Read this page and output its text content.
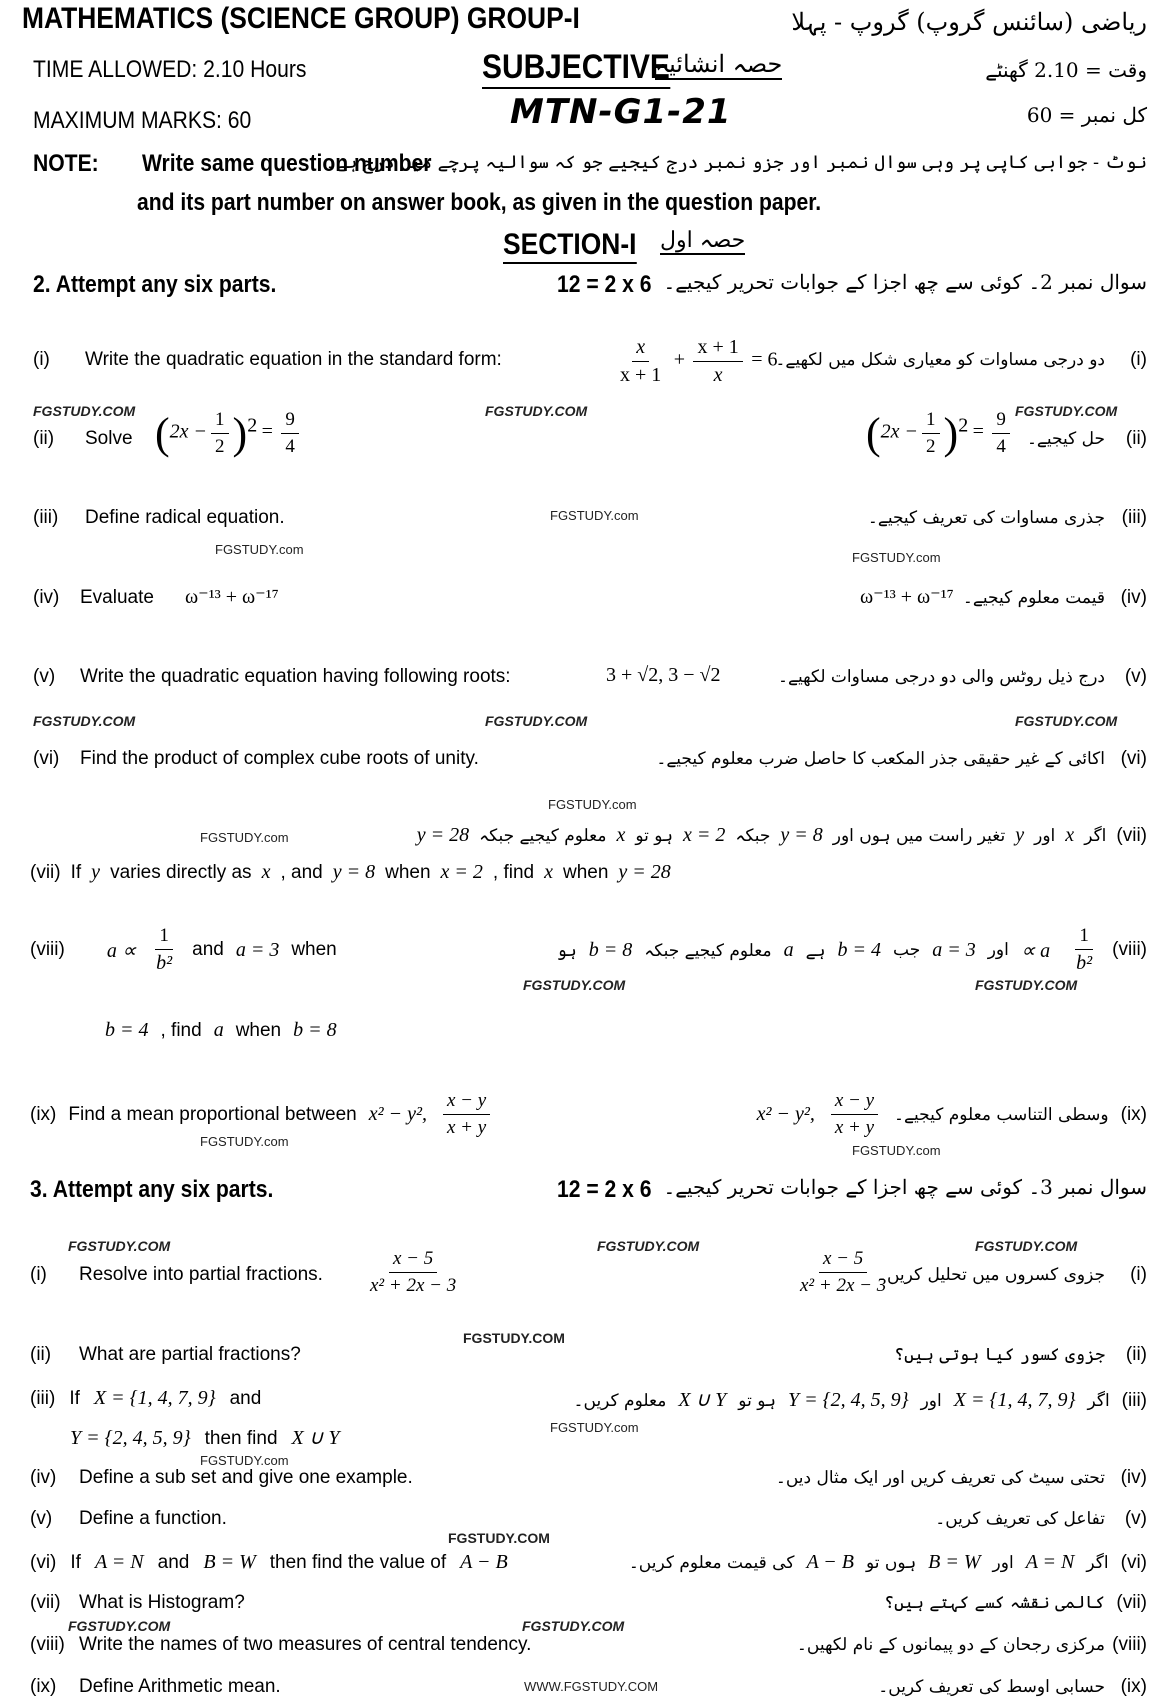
MATHEMATICS (SCIENCE GROUP) GROUP-I	ریاضی (سائنس گروپ) گروپ - پہلا
TIME ALLOWED: 2.10 Hours	وقت = 2.10 گھنٹے
SUBJECTIVE
حصہ انشائیہ
MAXIMUM MARKS: 60	کل نمبر = 60
MTN-G1-21
NOTE: Write same question number
نوٹ - جوابی کاپی پر وہی سوال نمبر اور جزو نمبر درج کیجیے جو کہ سوالیہ پرچے میں درج ہے۔
and its part number on answer book, as given in the question paper.
SECTION-I حصہ اول
2. Attempt any six parts.	12 = 2 x 6 سوال نمبر 2۔ کوئی سے چھ اجزا کے جوابات تحریر کیجیے۔
(i) Write the quadratic equation in the standard form:	$\frac{x}{x + 1} + \frac{x + 1}{x} = 6$
دو درجی مساوات کو معیاری شکل میں لکھیے۔ (i)
FGSTUDY.COM	FGSTUDY.COM	FGSTUDY.COM
(ii) Solve $(2x - \frac{1}{2} )^2 = \frac{9}{4}$	$(2x - \frac{1}{2} )^2 = \frac{9}{4}$ حل کیجیے۔ (ii)
(iii) Define radical equation.	FGSTUDY.com	جذری مساوات کی تعریف کیجیے۔ (iii)
FGSTUDY.com
FGSTUDY.com
(iv) Evaluate ω⁻¹³ + ω⁻¹⁷	ω⁻¹³ + ω⁻¹⁷ قیمت معلوم کیجیے۔ (iv)
(v) Write the quadratic equation having following roots:	3 + √2, 3 − √2	درج ذیل روٹس والی دو درجی مساوات لکھیے۔ (v)
FGSTUDY.COM	FGSTUDY.COM	FGSTUDY.COM
(vi) Find the product of complex cube roots of unity.	اکائی کے غیر حقیقی جذر المکعب کا حاصل ضرب معلوم کیجیے۔ (vi)
FGSTUDY.com
FGSTUDY.com	(vii)
اگر
x
اور
y
تغیر راست میں ہوں اور
y = 8
جبکہ
x = 2
ہو تو
x
معلوم کیجیے جبکہ
y = 28
(vii) If y varies directly as x , and y = 8 when x = 2 , find x when y = 28
(viii) $a \propto \frac{1}{\text{b²}}$ and a = 3 when	(viii)
$\frac{1}{\text{b²}}$
a ∝
اور
a = 3
جب
b = 4
ہے
a
معلوم کیجیے جبکہ
b = 8
ہو
FGSTUDY.COM	FGSTUDY.COM
b = 4 , find a when b = 8
(ix) Find a mean proportional between x² − y², $\frac{x - y}{x + y}$	(ix)
وسطی التناسب معلوم کیجیے۔
$\frac{x - y}{x + y}$
x² − y²,
FGSTUDY.com
FGSTUDY.com
3. Attempt any six parts.	12 = 2 x 6 سوال نمبر 3۔ کوئی سے چھ اجزا کے جوابات تحریر کیجیے۔
FGSTUDY.COM	FGSTUDY.COM	FGSTUDY.COM
(i) Resolve into partial fractions. $\frac{x - 5}{\text{x² + 2x − 3}}$	$\frac{x - 5}{\text{x² + 2x − 3}}$
جزوی کسروں میں تحلیل کریں۔ (i)
FGSTUDY.COM
(ii) What are partial fractions?	جزوی کسور کیا ہوتی ہیں؟ (ii)
(iii) If X = {1, 4, 7, 9} and	(iii)
اگر
X = {1, 4, 7, 9}
اور
Y = {2, 4, 5, 9}
ہو تو
X ∪ Y
معلوم کریں۔
Y = {2, 4, 5, 9} then find X ∪ Y	FGSTUDY.com
FGSTUDY.com
(iv) Define a sub set and give one example.	تحتی سیٹ کی تعریف کریں اور ایک مثال دیں۔ (iv)
(v) Define a function.	تفاعل کی تعریف کریں۔ (v)
FGSTUDY.COM
(vi) If A = N and B = W then find the value of A − B	(vi)
اگر
A = N
اور
B = W
ہوں تو
A − B
کی قیمت معلوم کریں۔
(vii) What is Histogram?	کالمی نقشہ کسے کہتے ہیں؟ (vii)
FGSTUDY.COM	FGSTUDY.COM
(viii) Write the names of two measures of central tendency.	مرکزی رجحان کے دو پیمانوں کے نام لکھیں۔ (viii)
(ix) Define Arithmetic mean.	WWW.FGSTUDY.COM	حسابی اوسط کی تعریف کریں۔ (ix)
